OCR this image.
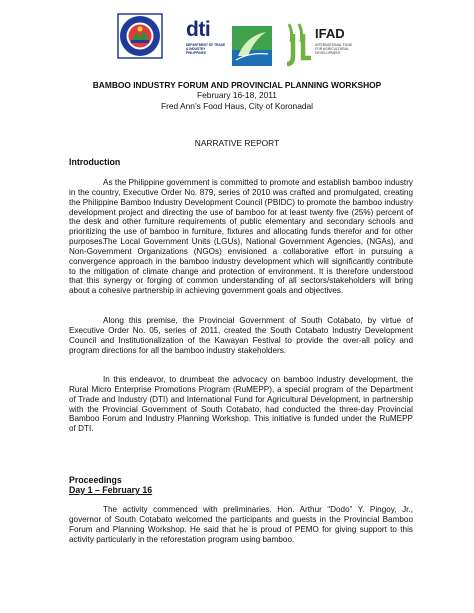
dti
DEPARTMENT OF TRADE & INDUSTRY PHILIPPINES
IFAD
INTERNATIONAL FUND FOR AGRICULTURAL DEVELOPMENT
BAMBOO INDUSTRY FORUM AND PROVINCIAL PLANNING WORKSHOP
February 16-18, 2011
Fred Ann’s Food Haus, City of Koronadal
NARRATIVE REPORT
Introduction

As the Philippine government is committed to promote and establish bamboo industry in the country, Executive Order No. 879, series of 2010 was crafted and promulgated, creating the Philippine Bamboo Industry Development Council (PBIDC) to promote the bamboo industry development project and directing the use of bamboo for at least twenty five (25%) percent of the desk and other furniture requirements of public elementary and secondary schools and prioritizing the use of bamboo in furniture, fixtures and allocating funds therefor and for other purposes.

The Local Government Units (LGUs), National Government Agencies, (NGAs), and Non-Government Organizations (NGOs) envisioned a collaborative effort in pursuing a convergence approach in the bamboo industry development which will significantly contribute to the mitigation of climate change and protection of environment. It is therefore understood that this synergy or forging of common understanding of all sectors/stakeholders will bring about a cohesive partnership in achieving government goals and objectives.

Along this premise, the Provincial Government of South Cotabato, by virtue of Executive Order No. 05, series of 2011, created the South Cotabato Industry Development Council and Institutionalization of the Kawayan Festival to provide the over-all policy and program directions for all the bamboo industry stakeholders.

In this endeavor, to drumbeat the advocacy on bamboo industry development, the Rural Micro Enterprise Promotions Program (RuMEPP), a special program of the Department of Trade and Industry (DTI) and International Fund for Agricultural Development, in partnership with the Provincial Government of South Cotabato, had conducted the three-day Provincial Bamboo Forum and Industry Planning Workshop. This initiative is funded under the RuMEPP of DTI.

Proceedings
Day 1 – February 16

The activity commenced with preliminaries. Hon. Arthur “Dodo” Y. Pingoy, Jr., governor of South Cotabato welcomed the participants and guests in the Provincial Bamboo Forum and Planning Workshop. He said that he is proud of PEMO for giving support to this activity particularly in the reforestation program using bamboo.
